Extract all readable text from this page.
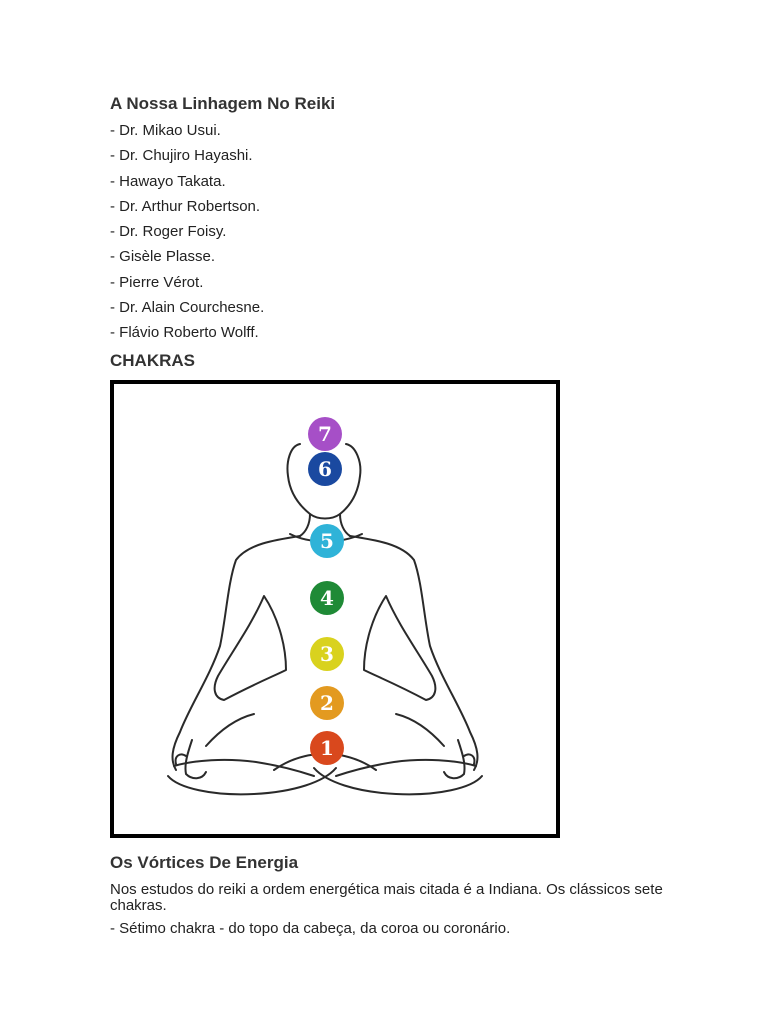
A Nossa Linhagem No Reiki
- Dr. Mikao Usui.
- Dr. Chujiro Hayashi.
- Hawayo Takata.
- Dr. Arthur Robertson.
- Dr. Roger Foisy.
- Gisèle Plasse.
- Pierre Vérot.
- Dr. Alain Courchesne.
- Flávio Roberto Wolff.
CHAKRAS
7
6
5
4
3
2
1
Os Vórtices De Energia

Nos estudos do reiki a ordem energética mais citada é a Indiana. Os clássicos sete chakras.

- Sétimo chakra - do topo da cabeça, da coroa ou coronário.
